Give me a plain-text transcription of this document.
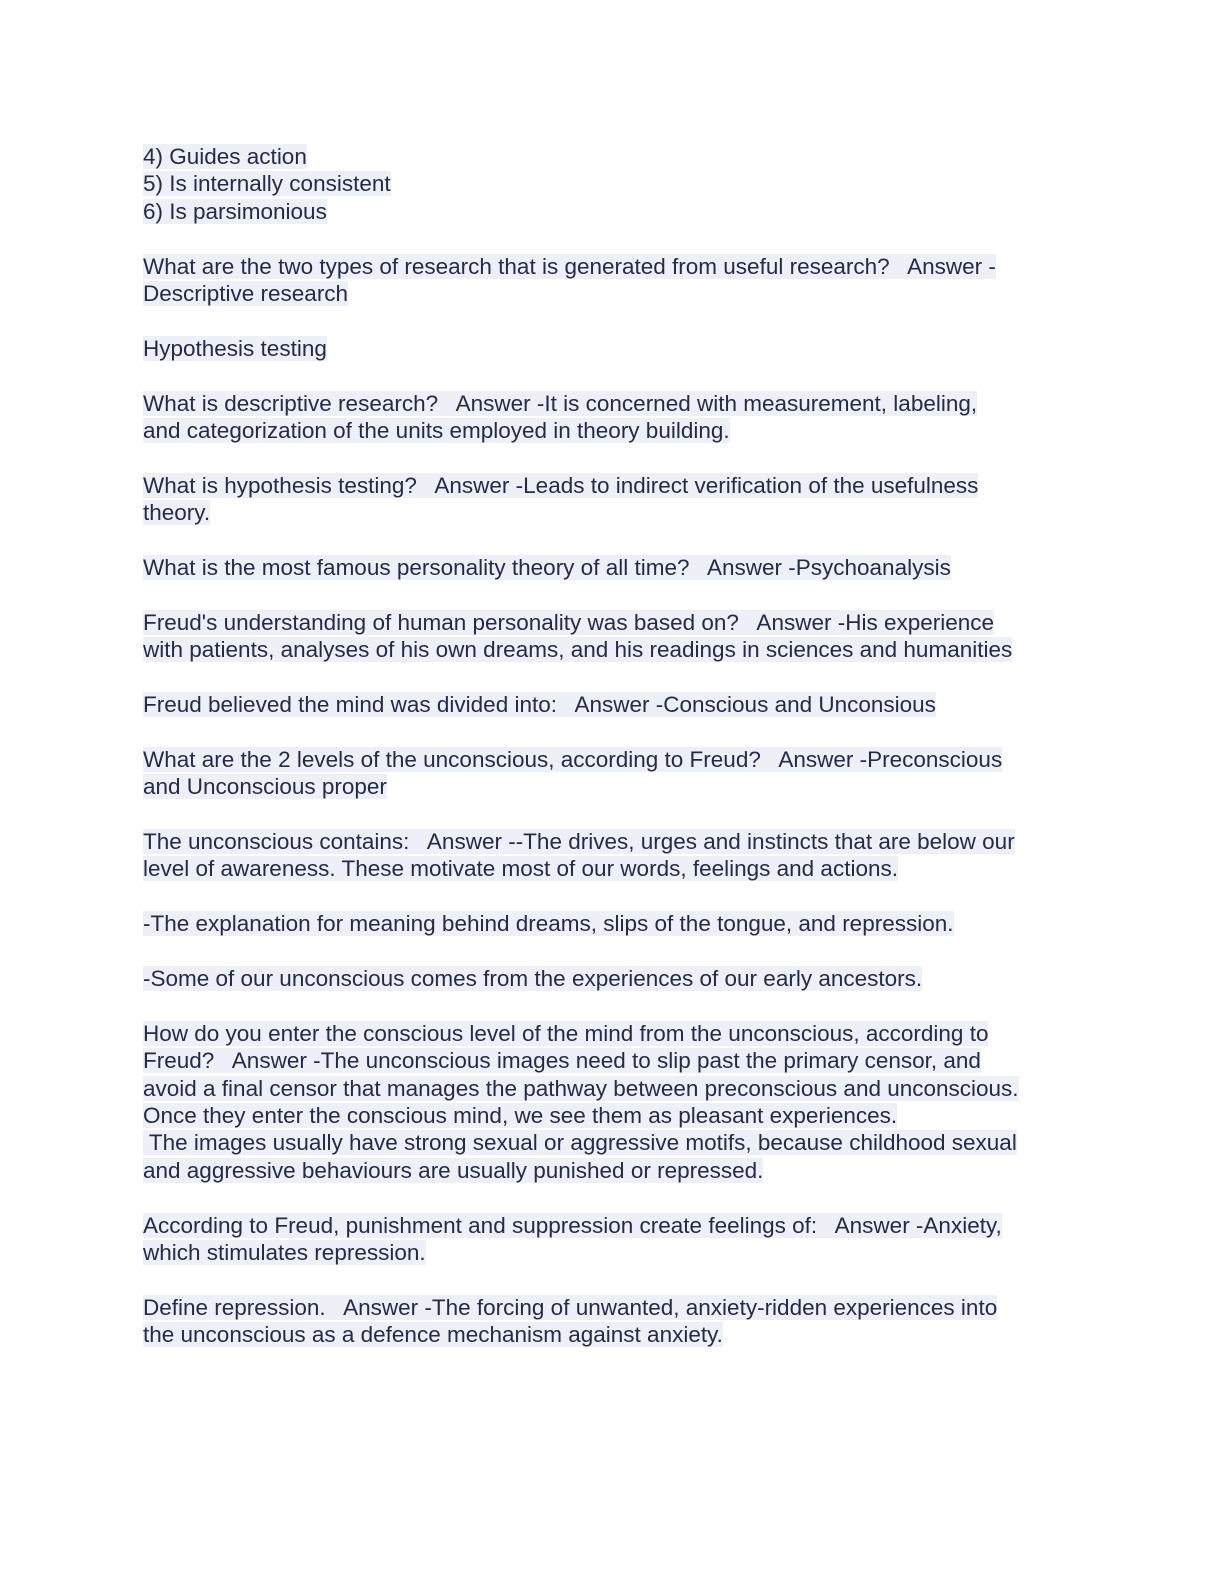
4) Guides action
5) Is internally consistent
6) Is parsimonious
What are the two types of research that is generated from useful research?   Answer -
Descriptive research
Hypothesis testing
What is descriptive research?   Answer -It is concerned with measurement, labeling,
and categorization of the units employed in theory building.
What is hypothesis testing?   Answer -Leads to indirect verification of the usefulness
theory.
What is the most famous personality theory of all time?   Answer -Psychoanalysis
Freud's understanding of human personality was based on?   Answer -His experience
with patients, analyses of his own dreams, and his readings in sciences and humanities
Freud believed the mind was divided into:   Answer -Conscious and Unconsious
What are the 2 levels of the unconscious, according to Freud?   Answer -Preconscious
and Unconscious proper
The unconscious contains:   Answer --The drives, urges and instincts that are below our
level of awareness. These motivate most of our words, feelings and actions.
-The explanation for meaning behind dreams, slips of the tongue, and repression.
-Some of our unconscious comes from the experiences of our early ancestors.
How do you enter the conscious level of the mind from the unconscious, according to
Freud?   Answer -The unconscious images need to slip past the primary censor, and
avoid a final censor that manages the pathway between preconscious and unconscious.
Once they enter the conscious mind, we see them as pleasant experiences.
The images usually have strong sexual or aggressive motifs, because childhood sexual
and aggressive behaviours are usually punished or repressed.
According to Freud, punishment and suppression create feelings of:   Answer -Anxiety,
which stimulates repression.
Define repression.   Answer -The forcing of unwanted, anxiety-ridden experiences into
the unconscious as a defence mechanism against anxiety.
